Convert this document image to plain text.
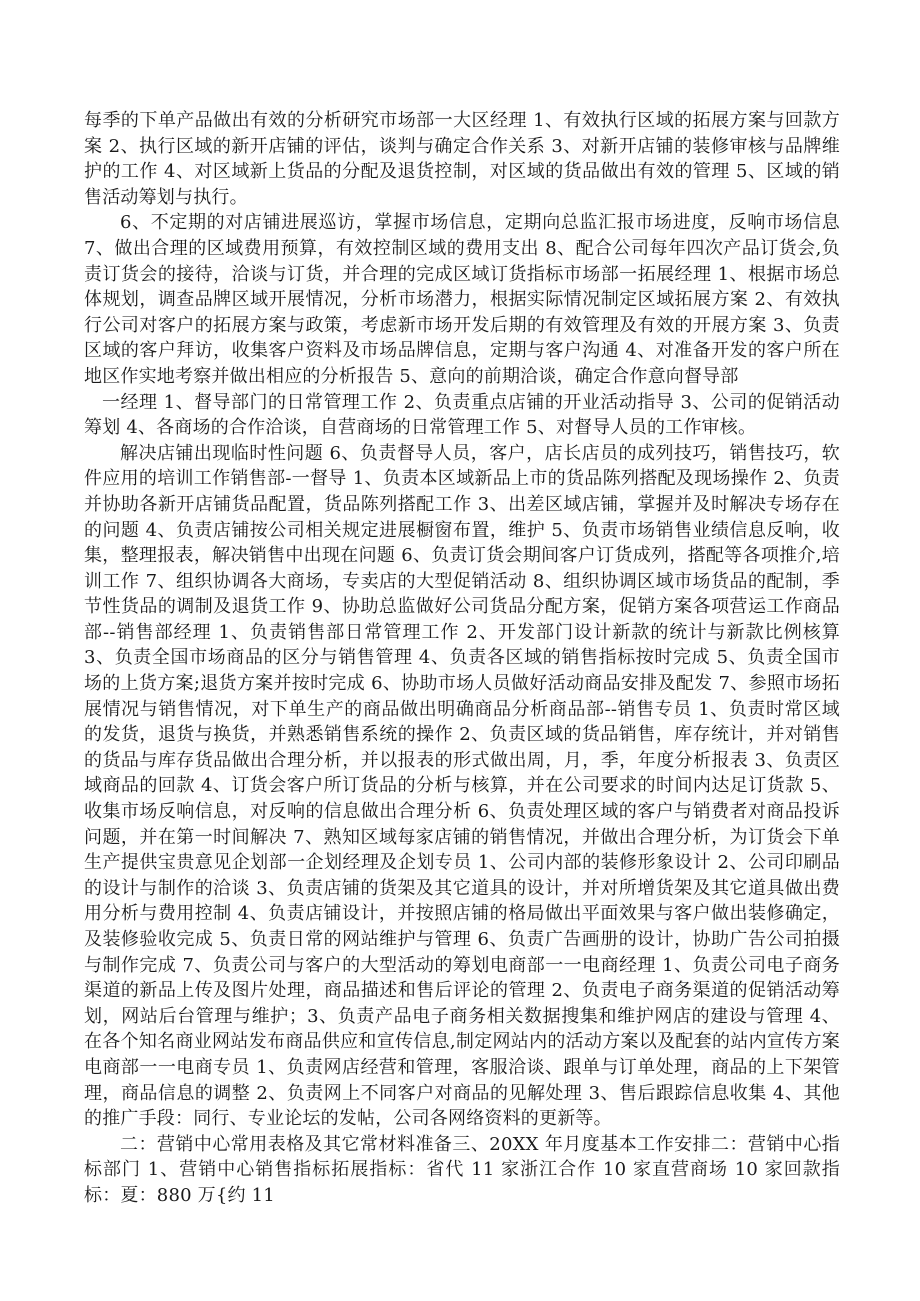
每季的下单产品做出有效的分析研究市场部一大区经理 1、有效执行区域的拓展方案与回款方案 2、执行区域的新开店铺的评估，谈判与确定合作关系 3、对新开店铺的装修审核与品牌维护的工作 4、对区域新上货品的分配及退货控制，对区域的货品做出有效的管理 5、区域的销售活动筹划与执行。

6、不定期的对店铺进展巡访，掌握市场信息，定期向总监汇报市场进度，反响市场信息 7、做出合理的区域费用预算，有效控制区域的费用支出 8、配合公司每年四次产品订货会,负责订货会的接待，洽谈与订货，并合理的完成区域订货指标市场部一拓展经理 1、根据市场总体规划，调查品牌区域开展情况，分析市场潜力，根据实际情况制定区域拓展方案 2、有效执行公司对客户的拓展方案与政策，考虑新市场开发后期的有效管理及有效的开展方案 3、负责区域的客户拜访，收集客户资料及市场品牌信息，定期与客户沟通 4、对准备开发的客户所在地区作实地考察并做出相应的分析报告 5、意向的前期洽谈，确定合作意向督导部

一经理 1、督导部门的日常管理工作 2、负责重点店铺的开业活动指导 3、公司的促销活动筹划 4、各商场的合作洽谈，自营商场的日常管理工作 5、对督导人员的工作审核。

解决店铺出现临时性问题 6、负责督导人员，客户，店长店员的成列技巧，销售技巧，软件应用的培训工作销售部-一督导 1、负责本区域新品上市的货品陈列搭配及现场操作 2、负责并协助各新开店铺货品配置，货品陈列搭配工作 3、出差区域店铺，掌握并及时解决专场存在的问题 4、负责店铺按公司相关规定进展橱窗布置，维护 5、负责市场销售业绩信息反响，收集，整理报表，解决销售中出现在问题 6、负责订货会期间客户订货成列，搭配等各项推介,培训工作 7、组织协调各大商场，专卖店的大型促销活动 8、组织协调区域市场货品的配制，季节性货品的调制及退货工作 9、协助总监做好公司货品分配方案，促销方案各项营运工作商品部--销售部经理 1、负责销售部日常管理工作 2、开发部门设计新款的统计与新款比例核算 3、负责全国市场商品的区分与销售管理 4、负责各区域的销售指标按时完成 5、负责全国市场的上货方案;退货方案并按时完成 6、协助市场人员做好活动商品安排及配发 7、参照市场拓展情况与销售情况，对下单生产的商品做出明确商品分析商品部--销售专员 1、负责时常区域的发货，退货与换货，并熟悉销售系统的操作 2、负责区域的货品销售，库存统计，并对销售的货品与库存货品做出合理分析，并以报表的形式做出周，月，季，年度分析报表 3、负责区域商品的回款 4、订货会客户所订货品的分析与核算，并在公司要求的时间内达足订货款 5、收集市场反响信息，对反响的信息做出合理分析 6、负责处理区域的客户与销费者对商品投诉问题，并在第一时间解决 7、熟知区域每家店铺的销售情况，并做出合理分析，为订货会下单生产提供宝贵意见企划部一企划经理及企划专员 1、公司内部的装修形象设计 2、公司印刷品的设计与制作的洽谈 3、负责店铺的货架及其它道具的设计，并对所增货架及其它道具做出费用分析与费用控制 4、负责店铺设计，并按照店铺的格局做出平面效果与客户做出装修确定，及装修验收完成 5、负责日常的网站维护与管理 6、负责广告画册的设计，协助广告公司拍摄与制作完成 7、负责公司与客户的大型活动的筹划电商部一一电商经理 1、负责公司电子商务渠道的新品上传及图片处理，商品描述和售后评论的管理 2、负责电子商务渠道的促销活动筹划，网站后台管理与维护；3、负责产品电子商务相关数据搜集和维护网店的建设与管理 4、在各个知名商业网站发布商品供应和宣传信息,制定网站内的活动方案以及配套的站内宣传方案电商部一一电商专员 1、负责网店经营和管理，客服洽谈、跟单与订单处理，商品的上下架管理，商品信息的调整 2、负责网上不同客户对商品的见解处理 3、售后跟踪信息收集 4、其他的推广手段：同行、专业论坛的发帖，公司各网络资料的更新等。

二：营销中心常用表格及其它常材料准备三、20XX 年月度基本工作安排二：营销中心指标部门 1、营销中心销售指标拓展指标：省代 11 家浙江合作 10 家直营商场 10 家回款指标：夏：880 万{约 11
